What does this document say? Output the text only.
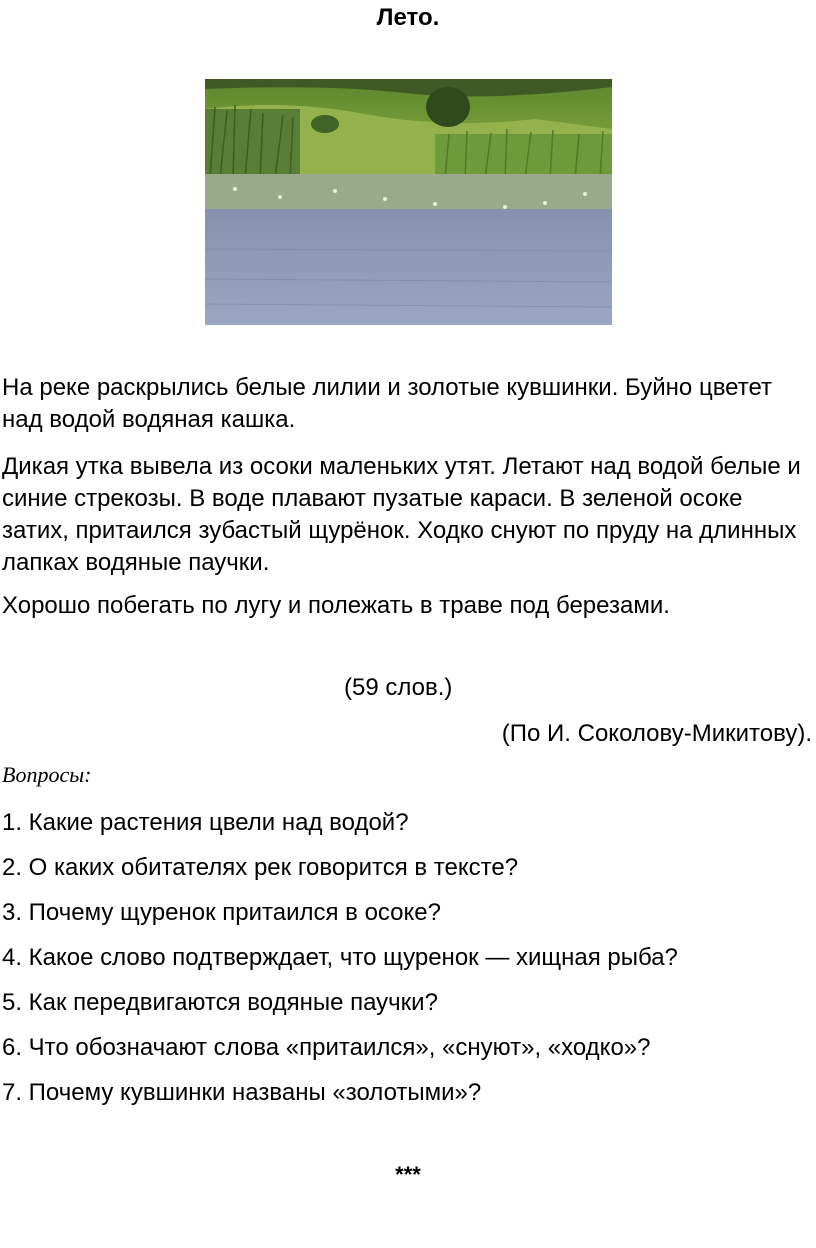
Лето.

На реке раскрылись белые лилии и золотые кувшинки. Буйно цветет над водой водяная кашка.

Дикая утка вывела из осоки маленьких утят. Летают над водой белые и синие стрекозы. В воде плавают пузатые караси. В зеленой осоке затих, притаился зубастый щурёнок. Ходко снуют по пруду на длинных лапках водяные паучки.

Хорошо побегать по лугу и полежать в траве под березами.

(59 слов.)
(По И. Соколову-Микитову).
Вопросы:
1. Какие растения цвели над водой?
2. О каких обитателях рек говорится в тексте?
3. Почему щуренок притаился в осоке?
4. Какое слово подтверждает, что щуренок — хищная рыба?
5. Как передвигаются водяные паучки?
6. Что обозначают слова «притаился», «снуют», «ходко»?
7. Почему кувшинки названы «золотыми»?
***
